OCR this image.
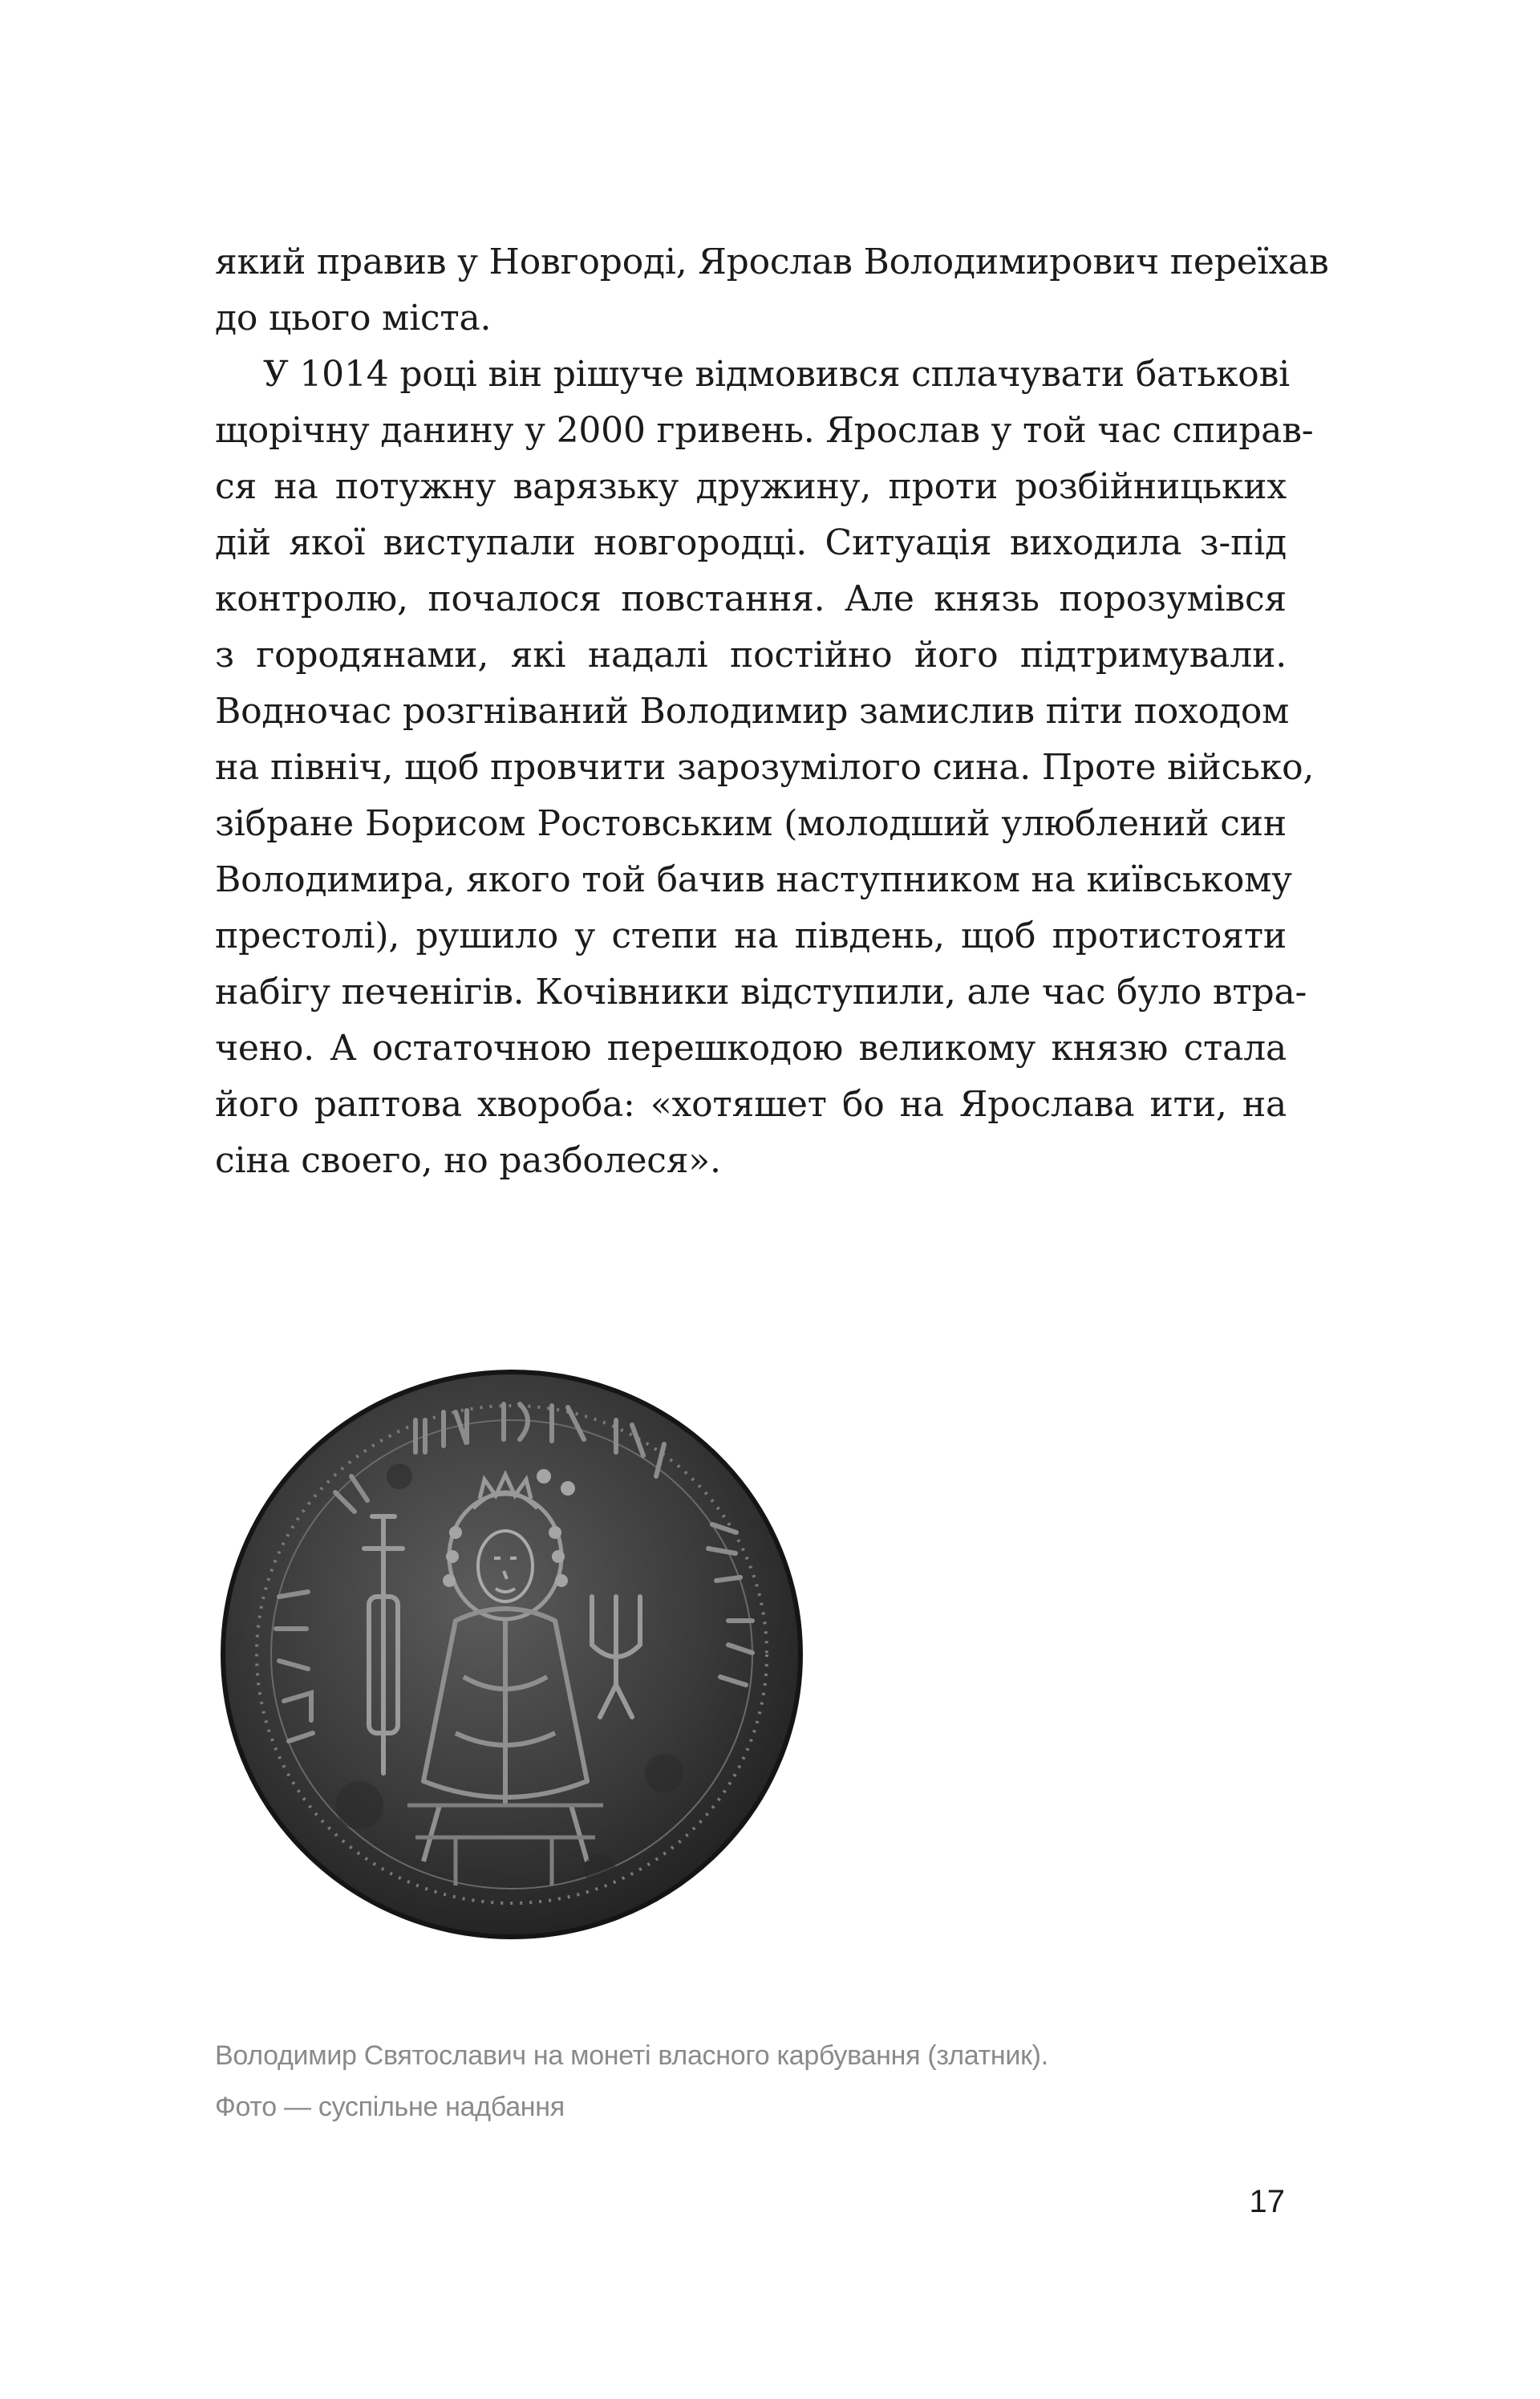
який правив у Новгороді, Ярослав Володимирович переїхав
до цього міста.
У 1014 році він рішуче відмовився сплачувати батькові
щорічну данину у 2000 гривень. Ярослав у той час спирав-
ся на потужну варязьку дружину, проти розбійницьких
дій якої виступали новгородці. Ситуація виходила з-під
контролю, почалося повстання. Але князь порозумівся
з городянами, які надалі постійно його підтримували.
Водночас розгніваний Володимир замислив піти походом
на північ, щоб провчити зарозумілого сина. Проте військо,
зібране Борисом Ростовським (молодший улюблений син
Володимира, якого той бачив наступником на київському
престолі), рушило у степи на південь, щоб протистояти
набігу печенігів. Кочівники відступили, але час було втра-
чено. А остаточною перешкодою великому князю стала
його раптова хвороба: «хотяшет бо на Ярослава ити, на
сіна своего, но разболеся».
Володимир Святославич на монеті власного карбування (златник).
Фото — суспільне надбання
17
